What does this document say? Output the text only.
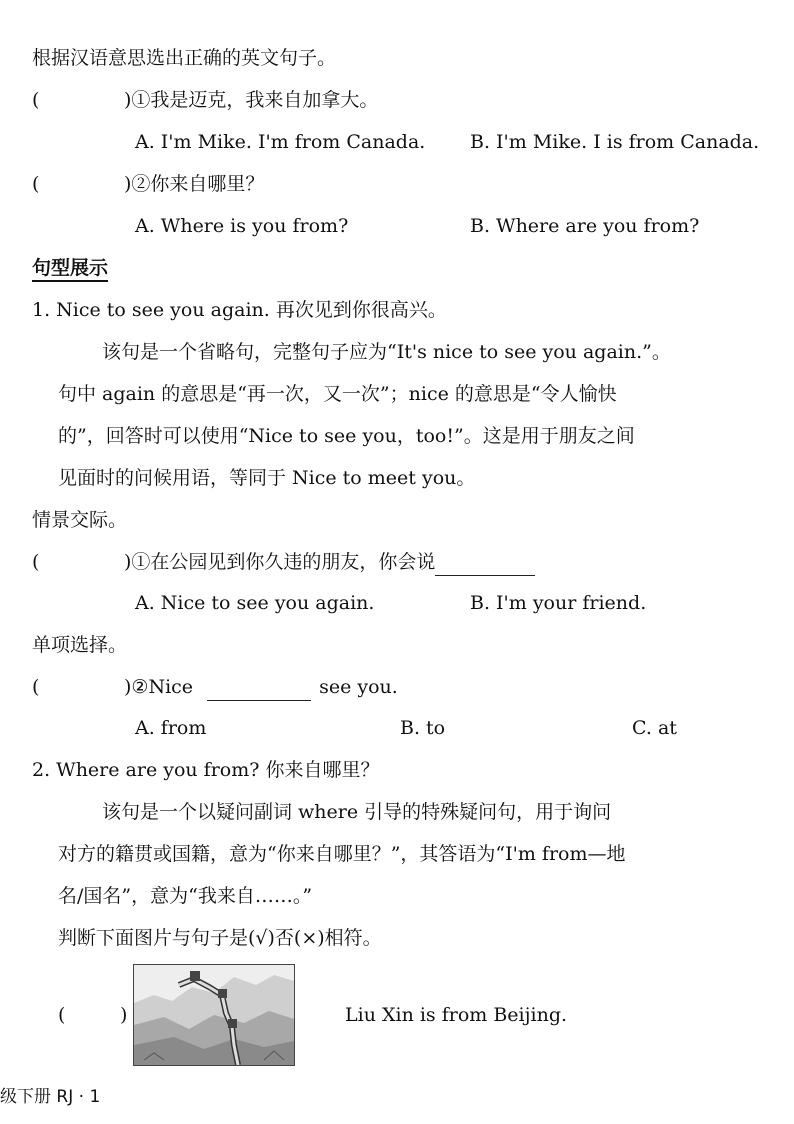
根据汉语意思选出正确的英文句子。
(	)①我是迈克，我来自加拿大。
A. I'm Mike. I'm from Canada. B. I'm Mike. I is from Canada.
(	)②你来自哪里？
A. Where is you from?	B. Where are you from?
句型展示
1. Nice to see you again. 再次见到你很高兴。
该句是一个省略句，完整句子应为“It's nice to see you again.”。
句中 again 的意思是“再一次，又一次”；nice 的意思是“令人愉快
的”，回答时可以使用“Nice to see you，too!”。这是用于朋友之间
见面时的问候用语，等同于 Nice to meet you。
情景交际。
(	)①在公园见到你久违的朋友，你会说
A. Nice to see you again.	B. I'm your friend.
单项选择。
(	)②Nice	see you.
A. from	B. to	C. at
2. Where are you from? 你来自哪里？
该句是一个以疑问副词 where 引导的特殊疑问句，用于询问
对方的籍贯或国籍，意为“你来自哪里？”，其答语为“I'm from—地
名/国名”，意为“我来自……。”
判断下面图片与句子是(√)否(×)相符。
(	)	Liu Xin is from Beijing.
级下册 RJ · 1
